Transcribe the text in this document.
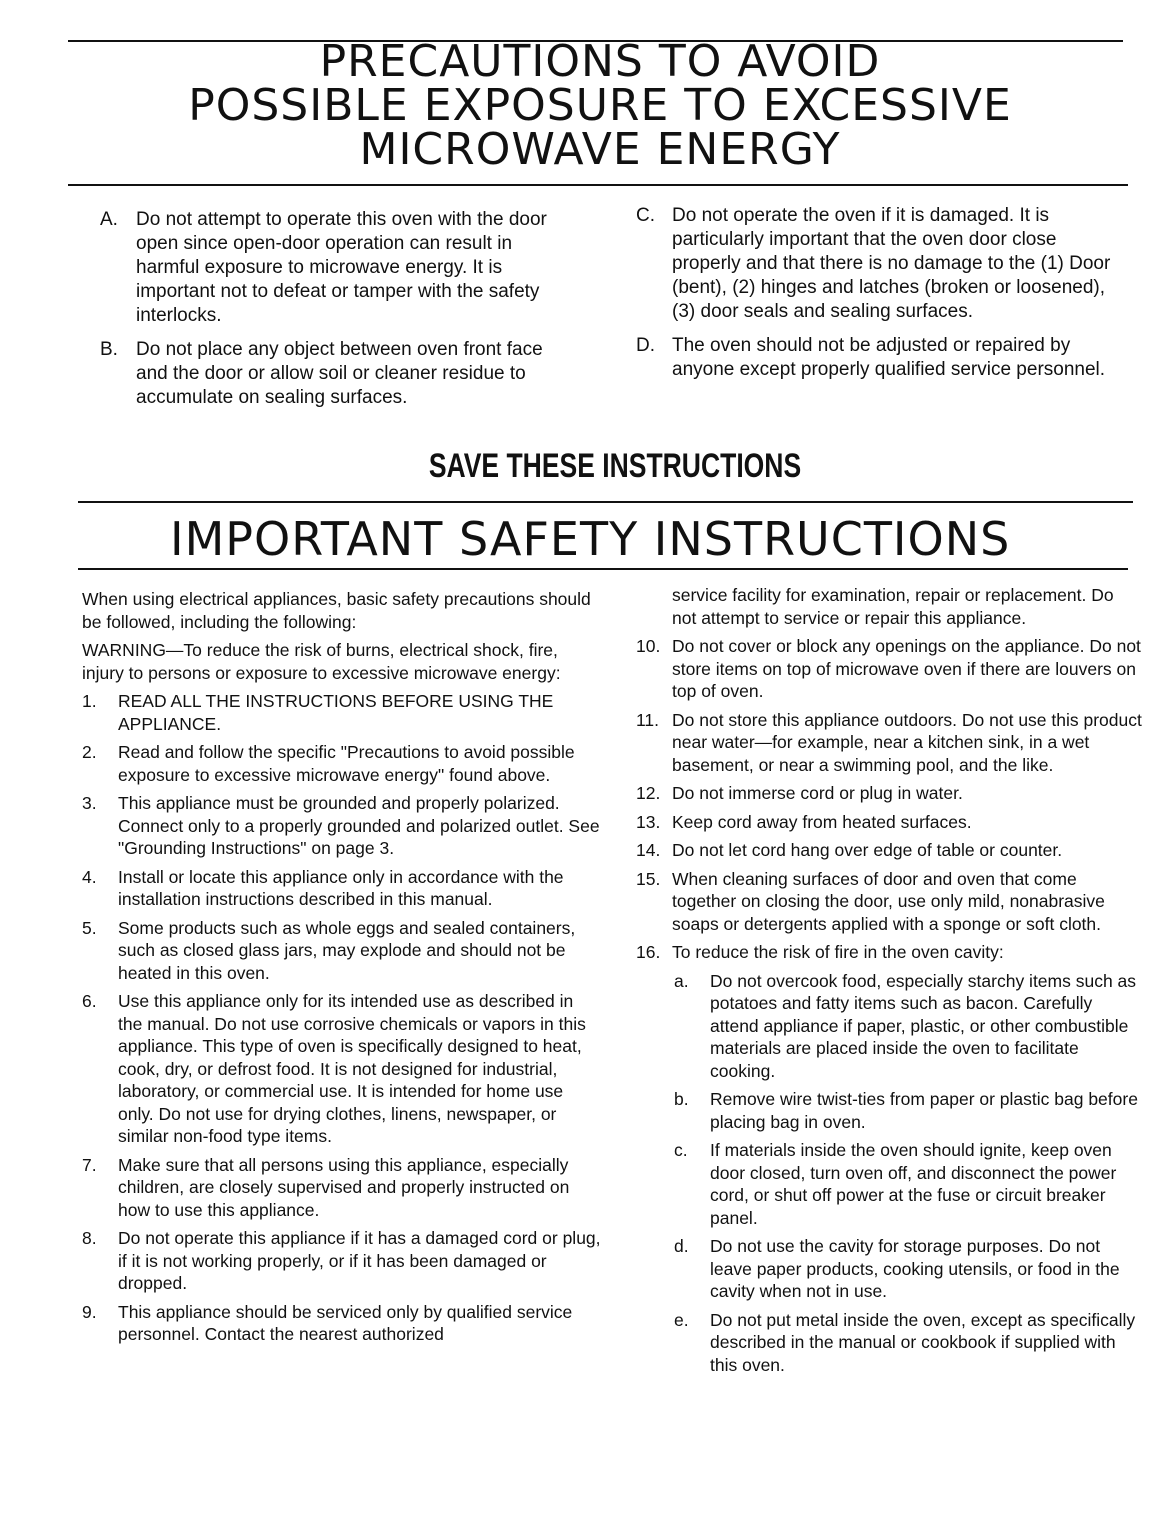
PRECAUTIONS TO AVOID
POSSIBLE EXPOSURE TO EXCESSIVE
MICROWAVE ENERGY
A. Do not attempt to operate this oven with the door open since open-door operation can result in harmful exposure to microwave energy. It is important not to defeat or tamper with the safety interlocks.
B. Do not place any object between oven front face and the door or allow soil or cleaner residue to accumulate on sealing surfaces.
C. Do not operate the oven if it is damaged. It is particularly important that the oven door close properly and that there is no damage to the (1) Door (bent), (2) hinges and latches (broken or loosened), (3) door seals and sealing surfaces.
D. The oven should not be adjusted or repaired by anyone except properly qualified service personnel.
SAVE THESE INSTRUCTIONS
IMPORTANT SAFETY INSTRUCTIONS
When using electrical appliances, basic safety precautions should be followed, including the following:
WARNING—To reduce the risk of burns, electrical shock, fire, injury to persons or exposure to excessive microwave energy:
1. READ ALL THE INSTRUCTIONS BEFORE USING THE APPLIANCE.
2. Read and follow the specific "Precautions to avoid possible exposure to excessive microwave energy" found above.
3. This appliance must be grounded and properly polarized. Connect only to a properly grounded and polarized outlet. See "Grounding Instructions" on page 3.
4. Install or locate this appliance only in accordance with the installation instructions described in this manual.
5. Some products such as whole eggs and sealed containers, such as closed glass jars, may explode and should not be heated in this oven.
6. Use this appliance only for its intended use as described in the manual. Do not use corrosive chemicals or vapors in this appliance. This type of oven is specifically designed to heat, cook, dry, or defrost food. It is not designed for industrial, laboratory, or commercial use. It is intended for home use only. Do not use for drying clothes, linens, newspaper, or similar non-food type items.
7. Make sure that all persons using this appliance, especially children, are closely supervised and properly instructed on how to use this appliance.
8. Do not operate this appliance if it has a damaged cord or plug, if it is not working properly, or if it has been damaged or dropped.
9. This appliance should be serviced only by qualified service personnel. Contact the nearest authorized
service facility for examination, repair or replacement. Do not attempt to service or repair this appliance.
10. Do not cover or block any openings on the appliance. Do not store items on top of microwave oven if there are louvers on top of oven.
11. Do not store this appliance outdoors. Do not use this product near water—for example, near a kitchen sink, in a wet basement, or near a swimming pool, and the like.
12. Do not immerse cord or plug in water.
13. Keep cord away from heated surfaces.
14. Do not let cord hang over edge of table or counter.
15. When cleaning surfaces of door and oven that come together on closing the door, use only mild, nonabrasive soaps or detergents applied with a sponge or soft cloth.
16. To reduce the risk of fire in the oven cavity:
a. Do not overcook food, especially starchy items such as potatoes and fatty items such as bacon. Carefully attend appliance if paper, plastic, or other combustible materials are placed inside the oven to facilitate cooking.
b. Remove wire twist-ties from paper or plastic bag before placing bag in oven.
c. If materials inside the oven should ignite, keep oven door closed, turn oven off, and disconnect the power cord, or shut off power at the fuse or circuit breaker panel.
d. Do not use the cavity for storage purposes. Do not leave paper products, cooking utensils, or food in the cavity when not in use.
e. Do not put metal inside the oven, except as specifically described in the manual or cookbook if supplied with this oven.
